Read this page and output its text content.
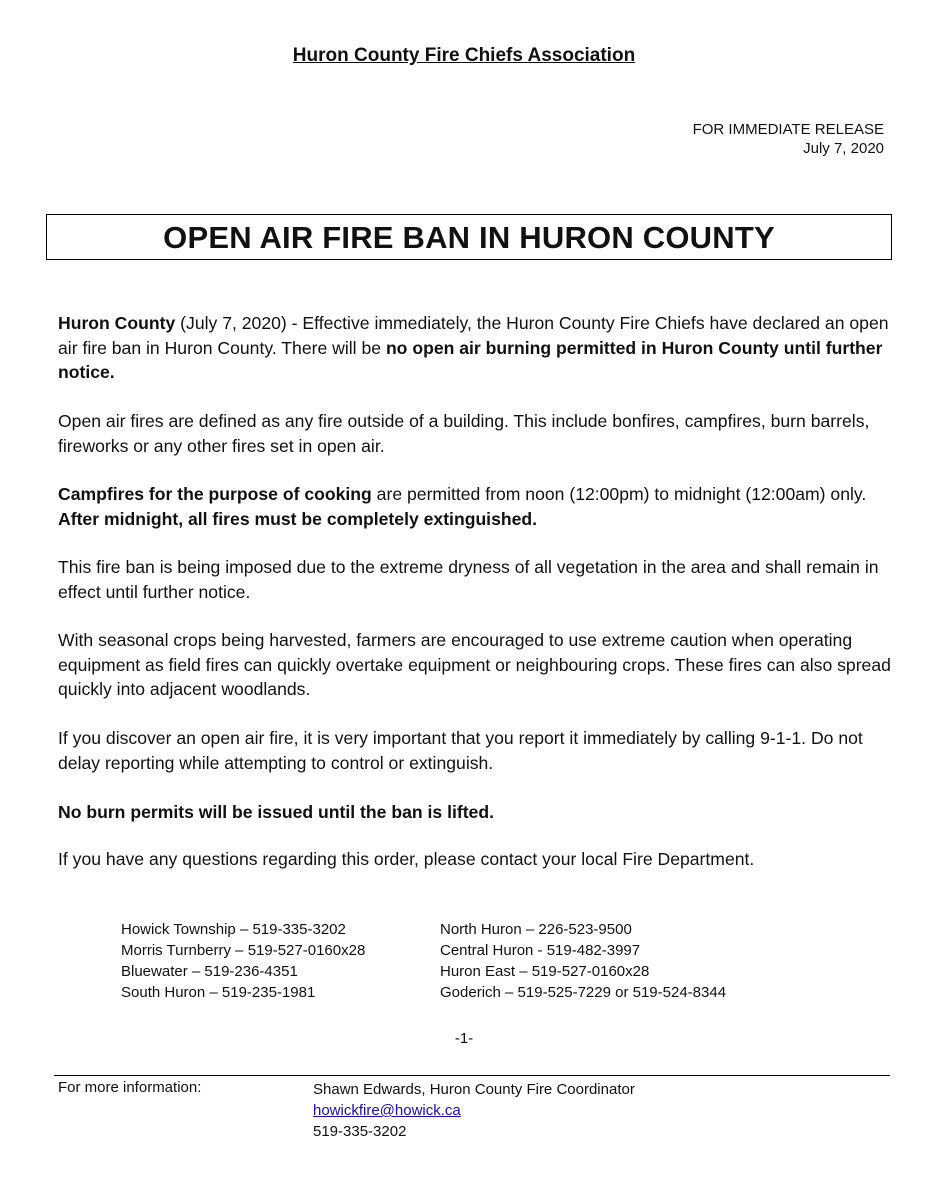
Huron County Fire Chiefs Association
FOR IMMEDIATE RELEASE
July 7, 2020
OPEN AIR FIRE BAN IN HURON COUNTY

Huron County (July 7, 2020) - Effective immediately, the Huron County Fire Chiefs have declared an open air fire ban in Huron County. There will be no open air burning permitted in Huron County until further notice.

Open air fires are defined as any fire outside of a building. This include bonfires, campfires, burn barrels, fireworks or any other fires set in open air.

Campfires for the purpose of cooking are permitted from noon (12:00pm) to midnight (12:00am) only. After midnight, all fires must be completely extinguished.

This fire ban is being imposed due to the extreme dryness of all vegetation in the area and shall remain in effect until further notice.

With seasonal crops being harvested, farmers are encouraged to use extreme caution when operating equipment as field fires can quickly overtake equipment or neighbouring crops. These fires can also spread quickly into adjacent woodlands.

If you discover an open air fire, it is very important that you report it immediately by calling 9-1-1. Do not delay reporting while attempting to control or extinguish.

No burn permits will be issued until the ban is lifted.

If you have any questions regarding this order, please contact your local Fire Department.

Howick Township – 519-335-3202
Morris Turnberry – 519-527-0160x28
Bluewater – 519-236-4351
South Huron – 519-235-1981
North Huron – 226-523-9500
Central Huron - 519-482-3997
Huron East – 519-527-0160x28
Goderich – 519-525-7229 or 519-524-8344
-1-
For more information:	Shawn Edwards, Huron County Fire Coordinator
howickfire@howick.ca
519-335-3202
